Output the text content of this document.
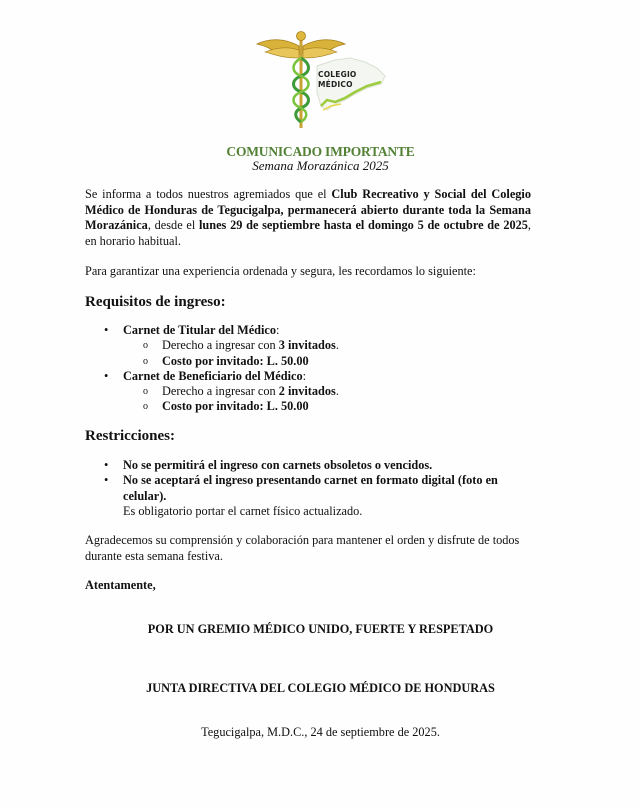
COLEGIO
MÉDICO
COMUNICADO IMPORTANTE
Semana Morazánica 2025
Se informa a todos nuestros agremiados que el Club Recreativo y Social del Colegio Médico de Honduras de Tegucigalpa, permanecerá abierto durante toda la Semana Morazánica, desde el lunes 29 de septiembre hasta el domingo 5 de octubre de 2025, en horario habitual.
Para garantizar una experiencia ordenada y segura, les recordamos lo siguiente:
Requisitos de ingreso:
• Carnet de Titular del Médico:
o Derecho a ingresar con 3 invitados.
o Costo por invitado: L. 50.00
• Carnet de Beneficiario del Médico:
o Derecho a ingresar con 2 invitados.
o Costo por invitado: L. 50.00
Restricciones:
• No se permitirá el ingreso con carnets obsoletos o vencidos.
• No se aceptará el ingreso presentando carnet en formato digital (foto en celular).
Es obligatorio portar el carnet físico actualizado.
Agradecemos su comprensión y colaboración para mantener el orden y disfrute de todos durante esta semana festiva.
Atentamente,
POR UN GREMIO MÉDICO UNIDO, FUERTE Y RESPETADO
JUNTA DIRECTIVA DEL COLEGIO MÉDICO DE HONDURAS
Tegucigalpa, M.D.C., 24 de septiembre de 2025.
